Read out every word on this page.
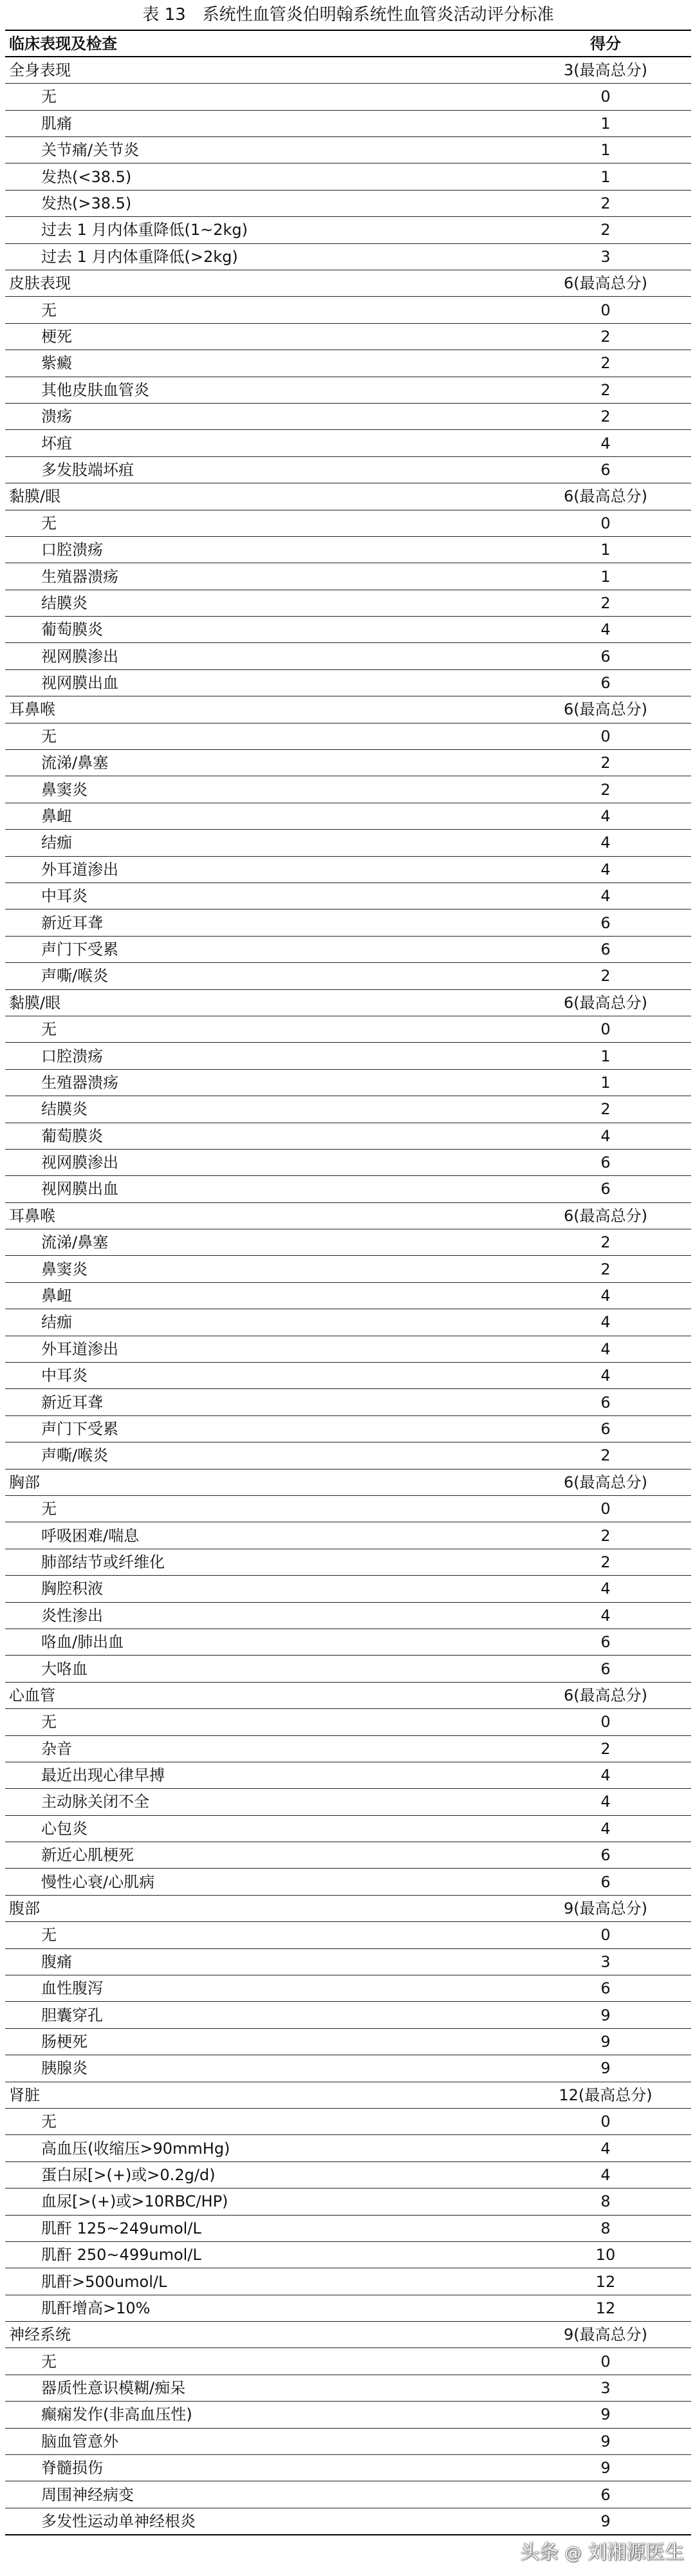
表 13　系统性血管炎伯明翰系统性血管炎活动评分标准
临床表现及检查	得分
全身表现	3(最高总分)
无	0
肌痛	1
关节痛/关节炎	1
发热(<38.5)	1
发热(>38.5)	2
过去 1 月内体重降低(1~2kg)	2
过去 1 月内体重降低(>2kg)	3
皮肤表现	6(最高总分)
无	0
梗死	2
紫癜	2
其他皮肤血管炎	2
溃疡	2
坏疽	4
多发肢端坏疽	6
黏膜/眼	6(最高总分)
无	0
口腔溃疡	1
生殖器溃疡	1
结膜炎	2
葡萄膜炎	4
视网膜渗出	6
视网膜出血	6
耳鼻喉	6(最高总分)
无	0
流涕/鼻塞	2
鼻窦炎	2
鼻衄	4
结痂	4
外耳道渗出	4
中耳炎	4
新近耳聋	6
声门下受累	6
声嘶/喉炎	2
黏膜/眼	6(最高总分)
无	0
口腔溃疡	1
生殖器溃疡	1
结膜炎	2
葡萄膜炎	4
视网膜渗出	6
视网膜出血	6
耳鼻喉	6(最高总分)
流涕/鼻塞	2
鼻窦炎	2
鼻衄	4
结痂	4
外耳道渗出	4
中耳炎	4
新近耳聋	6
声门下受累	6
声嘶/喉炎	2
胸部	6(最高总分)
无	0
呼吸困难/喘息	2
肺部结节或纤维化	2
胸腔积液	4
炎性渗出	4
咯血/肺出血	6
大咯血	6
心血管	6(最高总分)
无	0
杂音	2
最近出现心律早搏	4
主动脉关闭不全	4
心包炎	4
新近心肌梗死	6
慢性心衰/心肌病	6
腹部	9(最高总分)
无	0
腹痛	3
血性腹泻	6
胆囊穿孔	9
肠梗死	9
胰腺炎	9
肾脏	12(最高总分)
无	0
高血压(收缩压>90mmHg)	4
蛋白尿[>(+)或>0.2g/d)	4
血尿[>(+)或>10RBC/HP)	8
肌酐 125~249umol/L	8
肌酐 250~499umol/L	10
肌酐>500umol/L	12
肌酐增高>10%	12
神经系统	9(最高总分)
无	0
器质性意识模糊/痴呆	3
癫痫发作(非高血压性)	9
脑血管意外	9
脊髓损伤	9
周围神经病变	6
多发性运动单神经根炎	9
头条 @ 刘湘源医生
